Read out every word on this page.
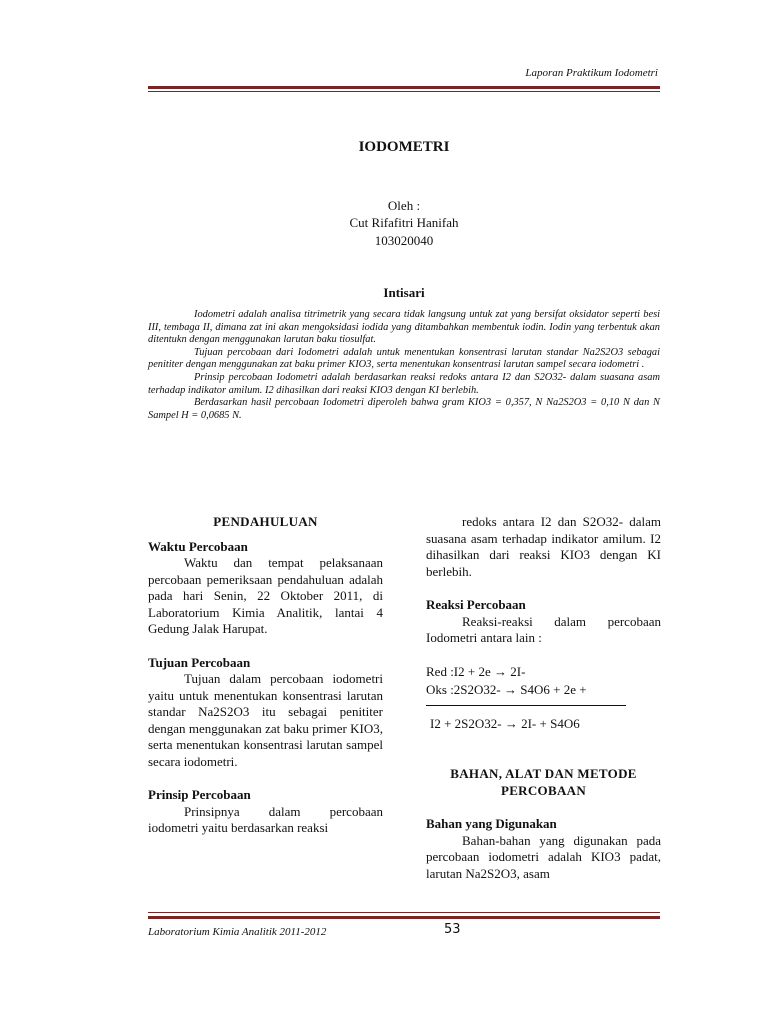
Laporan Praktikum Iodometri
IODOMETRI
Oleh :
Cut Rifafitri Hanifah
103020040
Intisari

Iodometri adalah analisa titrimetrik yang secara tidak langsung untuk zat yang bersifat oksidator seperti besi III, tembaga II, dimana zat ini akan mengoksidasi iodida yang ditambahkan membentuk iodin. Iodin yang terbentuk akan ditentukn dengan menggunakan larutan baku tiosulfat.

Tujuan percobaan dari Iodometri adalah untuk menentukan konsentrasi larutan standar Na2S2O3 sebagai penititer dengan menggunakan zat baku primer KIO3, serta menentukan konsentrasi larutan sampel secara iodometri .

Prinsip percobaan Iodometri adalah berdasarkan reaksi redoks antara I2 dan S2O32- dalam suasana asam terhadap indikator amilum. I2 dihasilkan dari reaksi KIO3 dengan KI berlebih.

Berdasarkan hasil percobaan Iodometri diperoleh bahwa gram KIO3 = 0,357, N Na2S2O3 = 0,10 N dan N Sampel H = 0,0685 N.

PENDAHULUAN
Waktu Percobaan

Waktu dan tempat pelaksanaan percobaan pemeriksaan pendahuluan adalah pada hari Senin, 22 Oktober 2011, di Laboratorium Kimia Analitik, lantai 4 Gedung Jalak Harupat.

Tujuan Percobaan

Tujuan dalam percobaan iodometri yaitu untuk menentukan konsentrasi larutan standar Na2S2O3 itu sebagai penititer dengan menggunakan zat baku primer KIO3, serta menentukan konsentrasi larutan sampel secara iodometri.

Prinsip Percobaan

Prinsipnya dalam percobaan iodometri yaitu berdasarkan reaksi

redoks antara I2 dan S2O32- dalam suasana asam terhadap indikator amilum. I2 dihasilkan dari reaksi KIO3 dengan KI berlebih.

Reaksi Percobaan

Reaksi-reaksi dalam percobaan Iodometri antara lain :

Red :I2 + 2e → 2I-
Oks :2S2O32- → S4O6 + 2e +
I2 + 2S2O32- → 2I- + S4O6
BAHAN, ALAT DAN METODE PERCOBAAN
Bahan yang Digunakan

Bahan-bahan yang digunakan pada percobaan iodometri adalah KIO3 padat, larutan Na2S2O3, asam

Laboratorium Kimia Analitik 2011-2012	53
